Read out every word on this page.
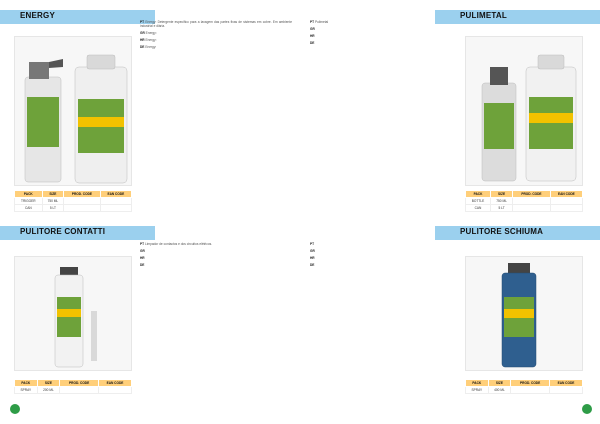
ENERGY

PT Energy: Detergente especifico para a lavagem das partes fixas de sistemas em cobre. Em ambiente industrial e diária.

GR Energy:

HR Energy:

DE Energy:

PACK	SIZE	PROD. CODE	EAN CODE
TRIGGER	750 ML		
CAN	5 LT		
PULITORE CONTATTI

PT Limpador de contactos e dos circuitos elétricos.

GR

HR

DE

PACK	SIZE	PROD. CODE	EAN CODE
SPRAY	200 ML		
PULIMETAL

PT Pulimetal

GR

HR

DE

PACK	SIZE	PROD. CODE	EAN CODE
BOTTLE	750 ML		
CAN	5 LT		
PULITORE SCHIUMA

PT

GR

HR

DE

PACK	SIZE	PROD. CODE	EAN CODE
SPRAY	400 ML		
